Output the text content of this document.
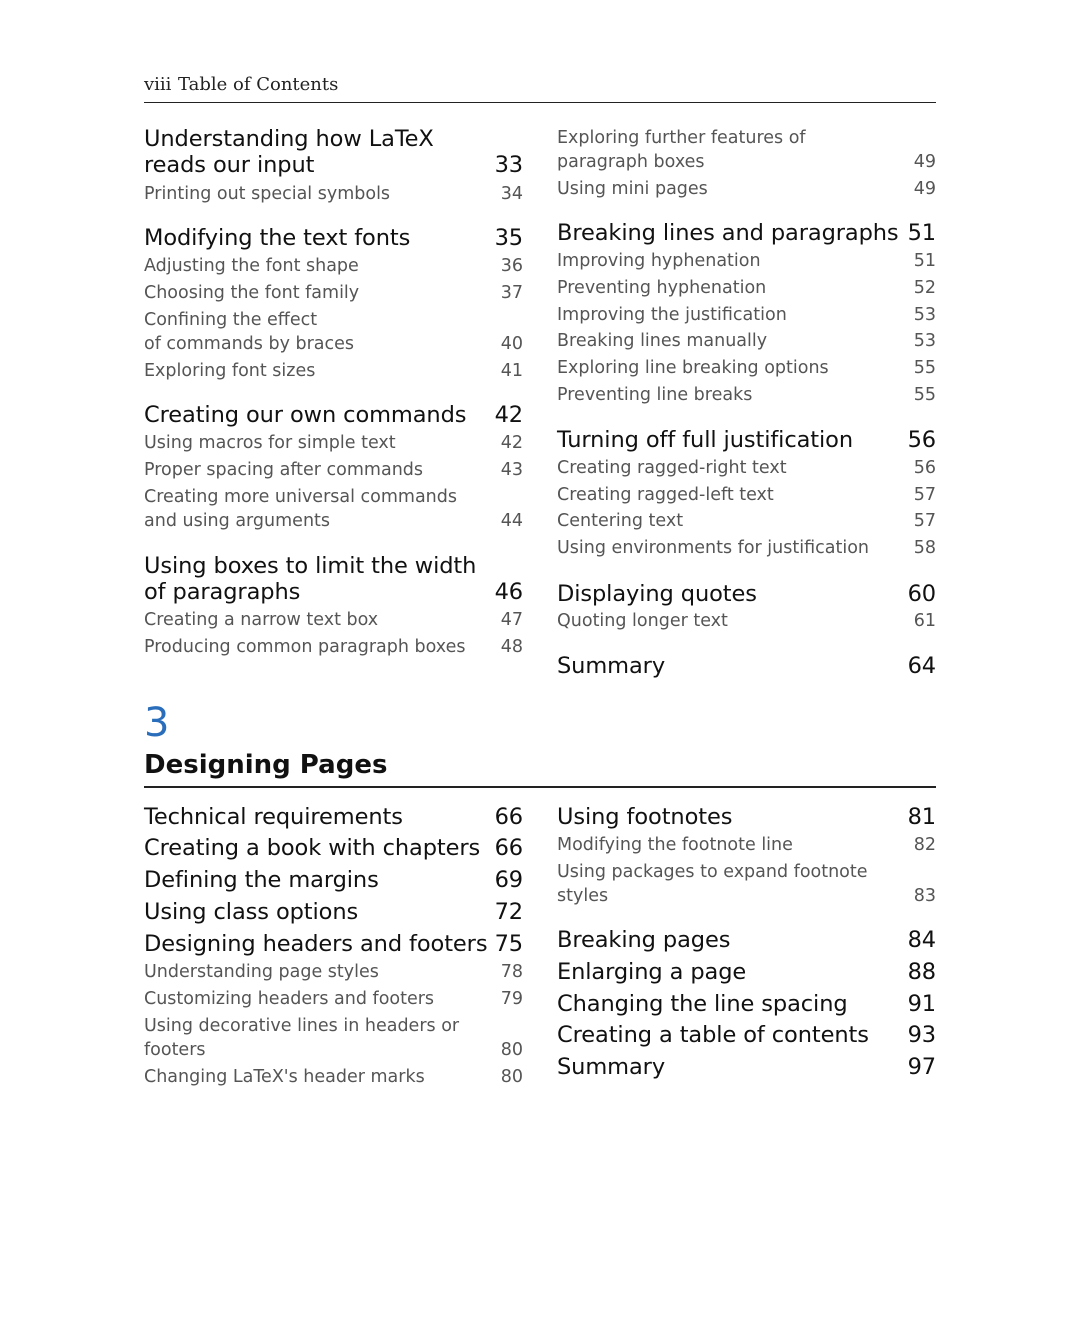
viii Table of Contents
Understanding how LaTeX
reads our input	33
Printing out special symbols	34
Modifying the text fonts	35
Adjusting the font shape	36
Choosing the font family	37
Confining the effect
of commands by braces	40
Exploring font sizes	41
Creating our own commands 42
Using macros for simple text	42
Proper spacing after commands	43
Creating more universal commands
and using arguments	44
Using boxes to limit the width
of paragraphs	46
Creating a narrow text box	47
Producing common paragraph boxes 48
Exploring further features of
paragraph boxes	49
Using mini pages	49
Breaking lines and paragraphs 51
Improving hyphenation	51
Preventing hyphenation	52
Improving the justification	53
Breaking lines manually	53
Exploring line breaking options	55
Preventing line breaks	55
Turning off full justification 56
Creating ragged-right text	56
Creating ragged-left text	57
Centering text	57
Using environments for justification	58
Displaying quotes	60
Quoting longer text	61
Summary	64
3
Designing Pages
Technical requirements	66
Creating a book with chapters 66
Defining the margins	69
Using class options	72
Designing headers and footers 75
Understanding page styles	78
Customizing headers and footers	79
Using decorative lines in headers or
footers	80
Changing LaTeX's header marks	80
Using footnotes	81
Modifying the footnote line	82
Using packages to expand footnote
styles	83
Breaking pages	84
Enlarging a page	88
Changing the line spacing	91
Creating a table of contents 93
Summary	97
